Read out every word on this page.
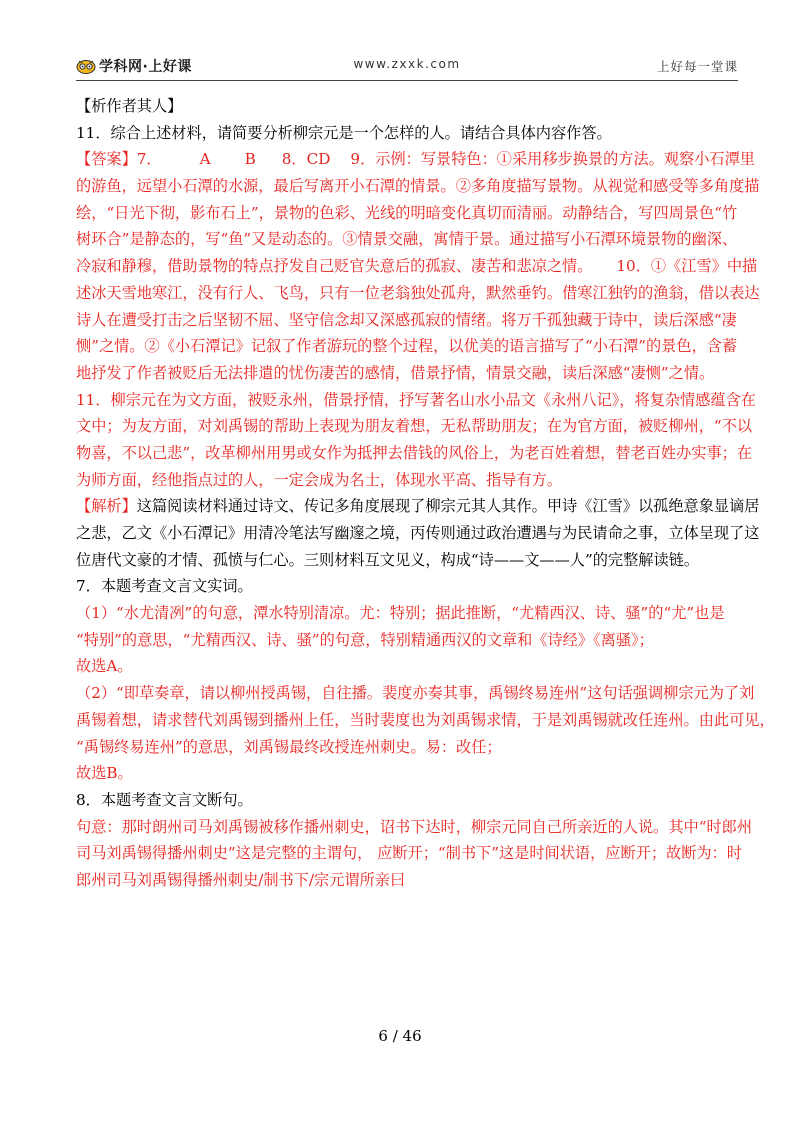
学科网·上好课	www.zxxk.com	上好每一堂课
【析作者其人】
11．综合上述材料，请简要分析柳宗元是一个怎样的人。请结合具体内容作答。
【答案】7．	A B 8．CD 9．示例：写景特色：①采用移步换景的方法。观察小石潭里
的游鱼，远望小石潭的水源，最后写离开小石潭的情景。②多角度描写景物。从视觉和感受等多角度描
绘，“日光下彻，影布石上”，景物的色彩、光线的明暗变化真切而清丽。动静结合，写四周景色“竹
树环合”是静态的，写“鱼”又是动态的。③情景交融，寓情于景。通过描写小石潭环境景物的幽深、
冷寂和静穆，借助景物的特点抒发自己贬官失意后的孤寂、凄苦和悲凉之情。 10．①《江雪》中描
述冰天雪地寒江，没有行人、飞鸟，只有一位老翁独处孤舟，默然垂钓。借寒江独钓的渔翁，借以表达
诗人在遭受打击之后坚韧不屈、坚守信念却又深感孤寂的情绪。将万千孤独藏于诗中，读后深感“凄
恻”之情。②《小石潭记》记叙了作者游玩的整个过程，以优美的语言描写了“小石潭”的景色，含蓄
地抒发了作者被贬后无法排遣的忧伤凄苦的感情，借景抒情，情景交融，读后深感“凄恻”之情。
11．柳宗元在为文方面，被贬永州，借景抒情，抒写著名山水小品文《永州八记》，将复杂情感蕴含在
文中；为友方面，对刘禹锡的帮助上表现为朋友着想，无私帮助朋友；在为官方面，被贬柳州，“不以
物喜，不以己悲”，改革柳州用男或女作为抵押去借钱的风俗上，为老百姓着想，替老百姓办实事；在
为师方面，经他指点过的人，一定会成为名士，体现水平高、指导有方。
【解析】这篇阅读材料通过诗文、传记多角度展现了柳宗元其人其作。甲诗《江雪》以孤绝意象显谪居
之悲，乙文《小石潭记》用清冷笔法写幽邃之境，丙传则通过政治遭遇与为民请命之事，立体呈现了这
位唐代文豪的才情、孤愤与仁心。三则材料互文见义，构成“诗——文——人”的完整解读链。
7．本题考查文言文实词。
（1）“水尤清冽”的句意，潭水特别清凉。尤：特别；据此推断，“尤精西汉、诗、骚”的“尤”也是
“特别”的意思，“尤精西汉、诗、骚”的句意，特别精通西汉的文章和《诗经》《离骚》；
故选A。
（2）“即草奏章，请以柳州授禹锡，自往播。裴度亦奏其事，禹锡终易连州”这句话强调柳宗元为了刘
禹锡着想，请求替代刘禹锡到播州上任，当时裴度也为刘禹锡求情，于是刘禹锡就改任连州。由此可见，
“禹锡终易连州”的意思，刘禹锡最终改授连州刺史。易：改任；
故选B。
8．本题考查文言文断句。
句意：那时朗州司马刘禹锡被移作播州刺史，诏书下达时，柳宗元同自己所亲近的人说。其中“时郎州
司马刘禹锡得播州刺史”这是完整的主谓句， 应断开；“制书下”这是时间状语，应断开；故断为：时
郎州司马刘禹锡得播州刺史/制书下/宗元谓所亲曰
6 / 46
